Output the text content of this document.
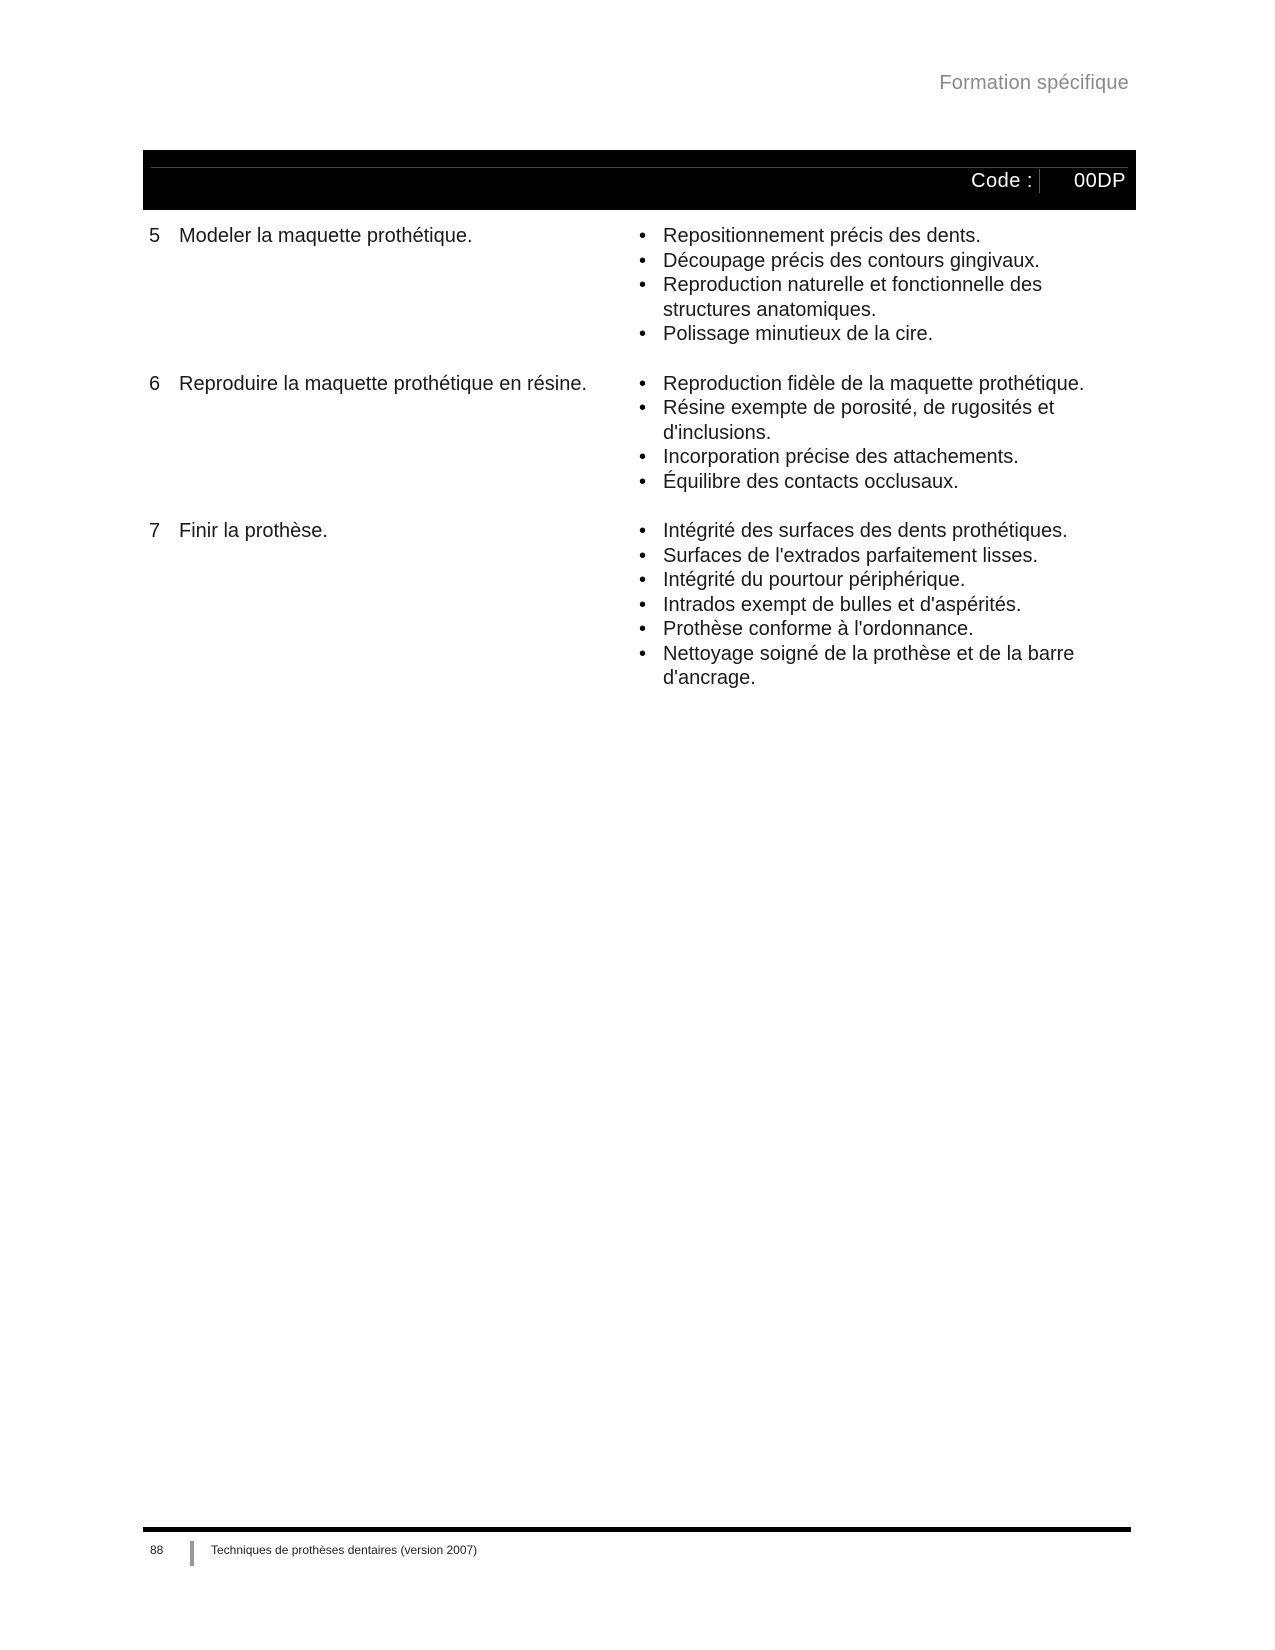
Formation spécifique
Code : 00DP
5 Modeler la maquette prothétique.	• Repositionnement précis des dents.
• Découpage précis des contours gingivaux.
• Reproduction naturelle et fonctionnelle des structures anatomiques.
• Polissage minutieux de la cire.
6 Reproduire la maquette prothétique en résine.	• Reproduction fidèle de la maquette prothétique.
• Résine exempte de porosité, de rugosités et d'inclusions.
• Incorporation précise des attachements.
• Équilibre des contacts occlusaux.
7 Finir la prothèse.	• Intégrité des surfaces des dents prothétiques.
• Surfaces de l'extrados parfaitement lisses.
• Intégrité du pourtour périphérique.
• Intrados exempt de bulles et d'aspérités.
• Prothèse conforme à l'ordonnance.
• Nettoyage soigné de la prothèse et de la barre d'ancrage.
88	Techniques de prothèses dentaires (version 2007)
